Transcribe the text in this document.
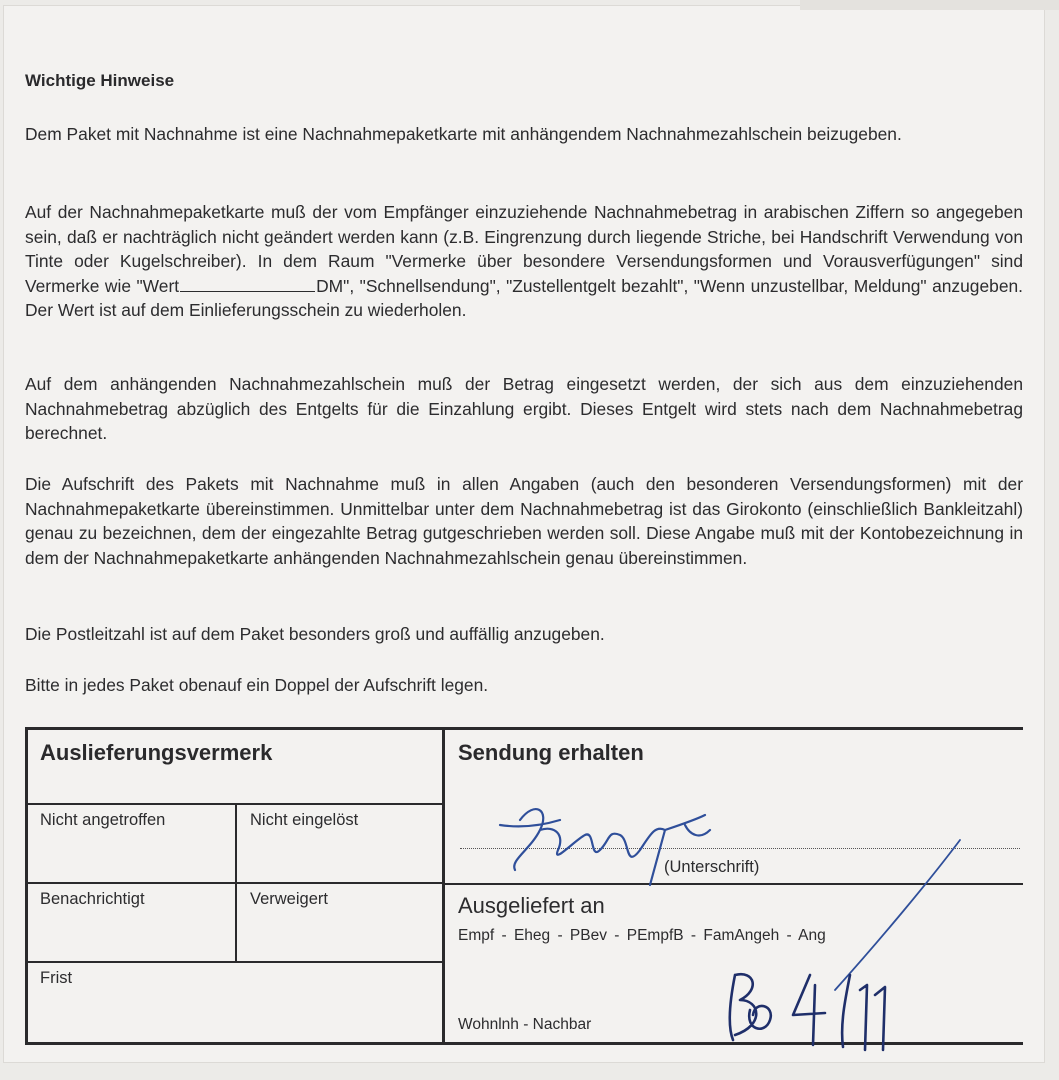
Wichtige Hinweise
Dem Paket mit Nachnahme ist eine Nachnahmepaketkarte mit anhängendem Nachnahmezahlschein beizugeben.
Auf der Nachnahmepaketkarte muß der vom Empfänger einzuziehende Nachnahmebetrag in arabischen Ziffern so angegeben sein, daß er nachträglich nicht geändert werden kann (z.B. Eingrenzung durch liegende Striche, bei Handschrift Verwendung von Tinte oder Kugelschreiber). In dem Raum "Vermerke über besondere Versendungsformen und Vorausverfügungen" sind Vermerke wie "Wert	DM", "Schnellsendung", "Zustellentgelt bezahlt", "Wenn unzustellbar, Meldung" anzugeben. Der Wert ist auf dem Einlieferungsschein zu wiederholen.
Auf dem anhängenden Nachnahmezahlschein muß der Betrag eingesetzt werden, der sich aus dem einzuziehenden Nachnahmebetrag abzüglich des Entgelts für die Einzahlung ergibt. Dieses Entgelt wird stets nach dem Nachnahmebetrag berechnet.
Die Aufschrift des Pakets mit Nachnahme muß in allen Angaben (auch den besonderen Versendungsformen) mit der Nachnahmepaketkarte übereinstimmen. Unmittelbar unter dem Nachnahmebetrag ist das Girokonto (einschließlich Bankleitzahl) genau zu bezeichnen, dem der eingezahlte Betrag gutgeschrieben werden soll. Diese Angabe muß mit der Kontobezeichnung in dem der Nachnahmepaketkarte anhängenden Nachnahmezahlschein genau übereinstimmen.
Die Postleitzahl ist auf dem Paket besonders groß und auffällig anzugeben.
Bitte in jedes Paket obenauf ein Doppel der Aufschrift legen.
Auslieferungsvermerk	Sendung erhalten
Nicht angetroffen	Nicht eingelöst
Benachrichtigt	Verweigert
Frist
(Unterschrift)
Ausgeliefert an
Empf - Eheg - PBev - PEmpfB - FamAngeh - Ang
Wohnlnh - Nachbar
